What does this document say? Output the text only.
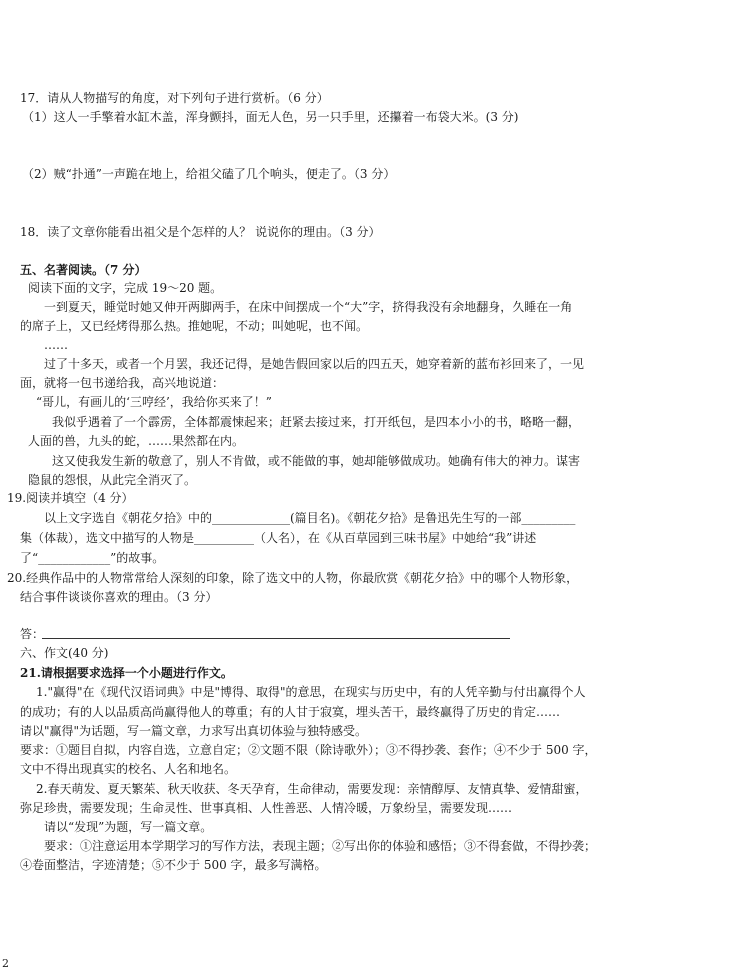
17．请从人物描写的角度，对下列句子进行赏析。（6 分）
（1）这人一手擎着水缸木盖，浑身颤抖，面无人色，另一只手里，还攥着一布袋大米。(3 分)
（2）贼“扑通”一声跪在地上，给祖父磕了几个响头，便走了。（3 分）
18．读了文章你能看出祖父是个怎样的人？ 说说你的理由。（3 分）
五、名著阅读。（7 分）
阅读下面的文字，完成 19～20 题。
一到夏天，睡觉时她又伸开两脚两手，在床中间摆成一个“大”字，挤得我没有余地翻身，久睡在一角
的席子上，又已经烤得那么热。推她呢，不动；叫她呢，也不闻。
……
过了十多天，或者一个月罢，我还记得，是她告假回家以后的四五天，她穿着新的蓝布衫回来了，一见
面，就将一包书递给我，高兴地说道：
“哥儿，有画儿的‘三哼经’，我给你买来了！”
我似乎遇着了一个霹雳，全体都震悚起来；赶紧去接过来，打开纸包，是四本小小的书，略略一翻，
人面的兽，九头的蛇，……果然都在内。
这又使我发生新的敬意了，别人不肯做，或不能做的事，她却能够做成功。她确有伟大的神力。谋害
隐鼠的怨恨，从此完全消灭了。
19.阅读并填空（4 分）
以上文字选自《朝花夕拾》中的_____________(篇目名)。《朝花夕拾》是鲁迅先生写的一部_________
集（体裁），选文中描写的人物是__________（人名），在《从百草园到三味书屋》中她给“我”讲述
了“____________”的故事。
20.经典作品中的人物常常给人深刻的印象，除了选文中的人物，你最欣赏《朝花夕拾》中的哪个人物形象，
结合事件谈谈你喜欢的理由。（3 分）
答：
六、作文(40 分)
21.请根据要求选择一个小题进行作文。
1."赢得"在《现代汉语词典》中是"博得、取得"的意思，在现实与历史中，有的人凭辛勤与付出赢得个人
的成功；有的人以品质高尚赢得他人的尊重；有的人甘于寂寞，埋头苦干，最终赢得了历史的肯定……
请以"赢得"为话题，写一篇文章，力求写出真切体验与独特感受。
要求：①题目自拟，内容自选，立意自定；②文题不限（除诗歌外）；③不得抄袭、套作；④不少于 500 字，
文中不得出现真实的校名、人名和地名。
2.春天萌发、夏天繁茱、秋天收获、冬天孕育，生命律动，需要发现：亲情醇厚、友情真挚、爱情甜蜜，
弥足珍贵，需要发现；生命灵性、世事真相、人性善恶、人情冷暖，万象纷呈，需要发现……
请以“发现”为题，写一篇文章。
要求：①注意运用本学期学习的写作方法，表现主题；②写出你的体验和感悟；③不得套做，不得抄袭；
④卷面整洁，字迹清楚；⑤不少于 500 字，最多写满格。
2
